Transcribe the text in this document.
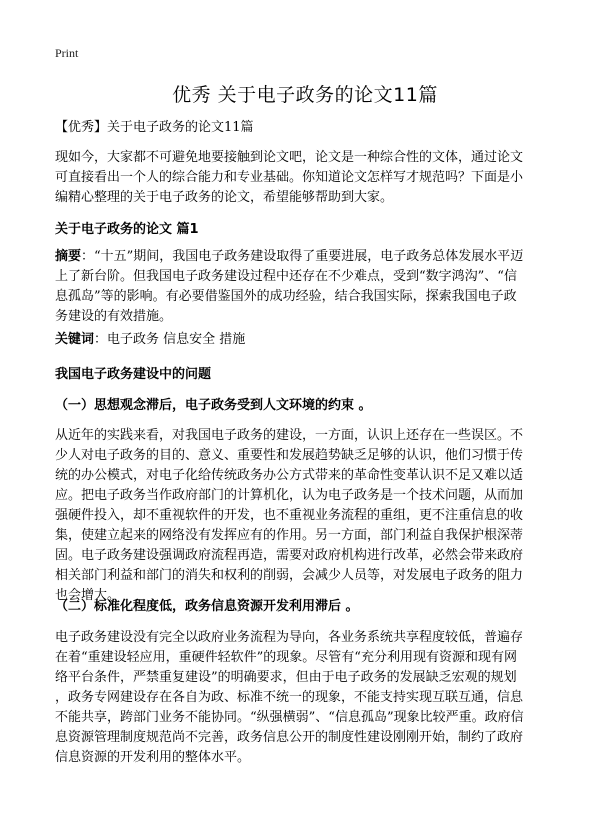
Print
优秀 关于电子政务的论文11篇

【优秀】关于电子政务的论文11篇

现如今，大家都不可避免地要接触到论文吧，论文是一种综合性的文体，通过论文
可直接看出一个人的综合能力和专业基础。你知道论文怎样写才规范吗？下面是小
编精心整理的关于电子政务的论文，希望能够帮助到大家。

关于电子政务的论文 篇1

摘要：“十五”期间，我国电子政务建设取得了重要进展，电子政务总体发展水平迈
上了新台阶。但我国电子政务建设过程中还存在不少难点，受到“数字鸿沟”、“信
息孤岛”等的影响。有必要借鉴国外的成功经验，结合我国实际，探索我国电子政
务建设的有效措施。

关键词：电子政务 信息安全 措施

我国电子政务建设中的问题

（一）思想观念滞后，电子政务受到人文环境的约束 。

从近年的实践来看，对我国电子政务的建设，一方面，认识上还存在一些误区。不
少人对电子政务的目的、意义、重要性和发展趋势缺乏足够的认识，他们习惯于传
统的办公模式，对电子化给传统政务办公方式带来的革命性变革认识不足又难以适
应。把电子政务当作政府部门的计算机化，认为电子政务是一个技术问题，从而加
强硬件投入，却不重视软件的开发，也不重视业务流程的重组，更不注重信息的收
集，使建立起来的网络没有发挥应有的作用。另一方面，部门利益自我保护根深蒂
固。电子政务建设强调政府流程再造，需要对政府机构进行改革，必然会带来政府
相关部门利益和部门的消失和权利的削弱，会减少人员等，对发展电子政务的阻力
也会增大。

（二）标准化程度低，政务信息资源开发利用滞后 。

电子政务建设没有完全以政府业务流程为导向，各业务系统共享程度较低，普遍存
在着“重建设轻应用，重硬件轻软件”的现象。尽管有“充分利用现有资源和现有网
络平台条件，严禁重复建设”的明确要求，但由于电子政务的发展缺乏宏观的规划
，政务专网建设存在各自为政、标准不统一的现象，不能支持实现互联互通，信息
不能共享，跨部门业务不能协同。“纵强横弱”、“信息孤岛”现象比较严重。政府信
息资源管理制度规范尚不完善，政务信息公开的制度性建设刚刚开始，制约了政府
信息资源的开发利用的整体水平。
